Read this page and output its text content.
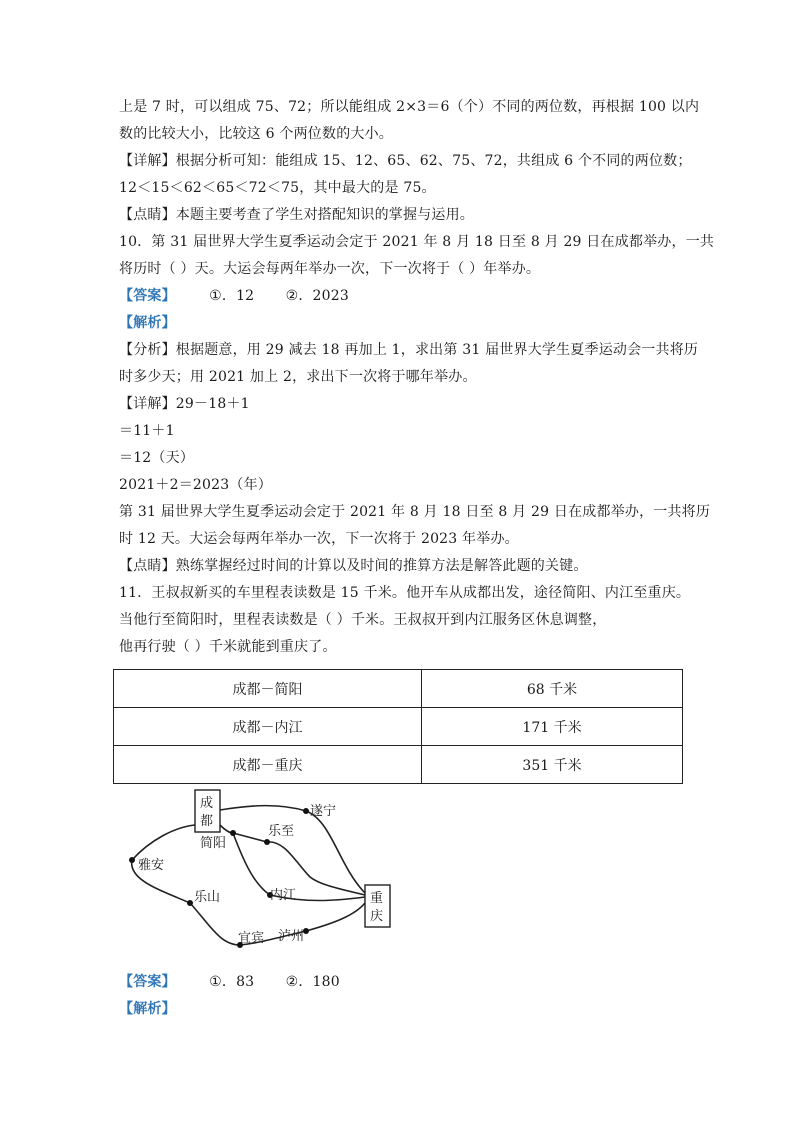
上是 7 时，可以组成 75、72；所以能组成 2×3＝6（个）不同的两位数，再根据 100 以内
数的比较大小，比较这 6 个两位数的大小。
【详解】根据分析可知：能组成 15、12、65、62、75、72，共组成 6 个不同的两位数；
12＜15＜62＜65＜72＜75，其中最大的是 75。
【点睛】本题主要考查了学生对搭配知识的掌握与运用。
10．第 31 届世界大学生夏季运动会定于 2021 年 8 月 18 日至 8 月 29 日在成都举办，一共
将历时（ ）天。大运会每两年举办一次，下一次将于（ ）年举办。
【答案】 ①．12 ②．2023
【解析】
【分析】根据题意，用 29 减去 18 再加上 1，求出第 31 届世界大学生夏季运动会一共将历
时多少天；用 2021 加上 2，求出下一次将于哪年举办。
【详解】29－18＋1
＝11＋1
＝12（天）
2021＋2＝2023（年）
第 31 届世界大学生夏季运动会定于 2021 年 8 月 18 日至 8 月 29 日在成都举办，一共将历
时 12 天。大运会每两年举办一次，下一次将于 2023 年举办。
【点睛】熟练掌握经过时间的计算以及时间的推算方法是解答此题的关键。
11．王叔叔新买的车里程表读数是 15 千米。他开车从成都出发，途径简阳、内江至重庆。
当他行至简阳时，里程表读数是（ ）千米。王叔叔开到内江服务区休息调整，
他再行驶（ ）千米就能到重庆了。
成都－简阳	68 千米
成都－内江	171 千米
成都－重庆	351 千米
成
都
重
庆
遂宁
简阳
乐至
雅安
乐山	内江
宜宾 泸州
【答案】 ①．83 ②．180
【解析】
